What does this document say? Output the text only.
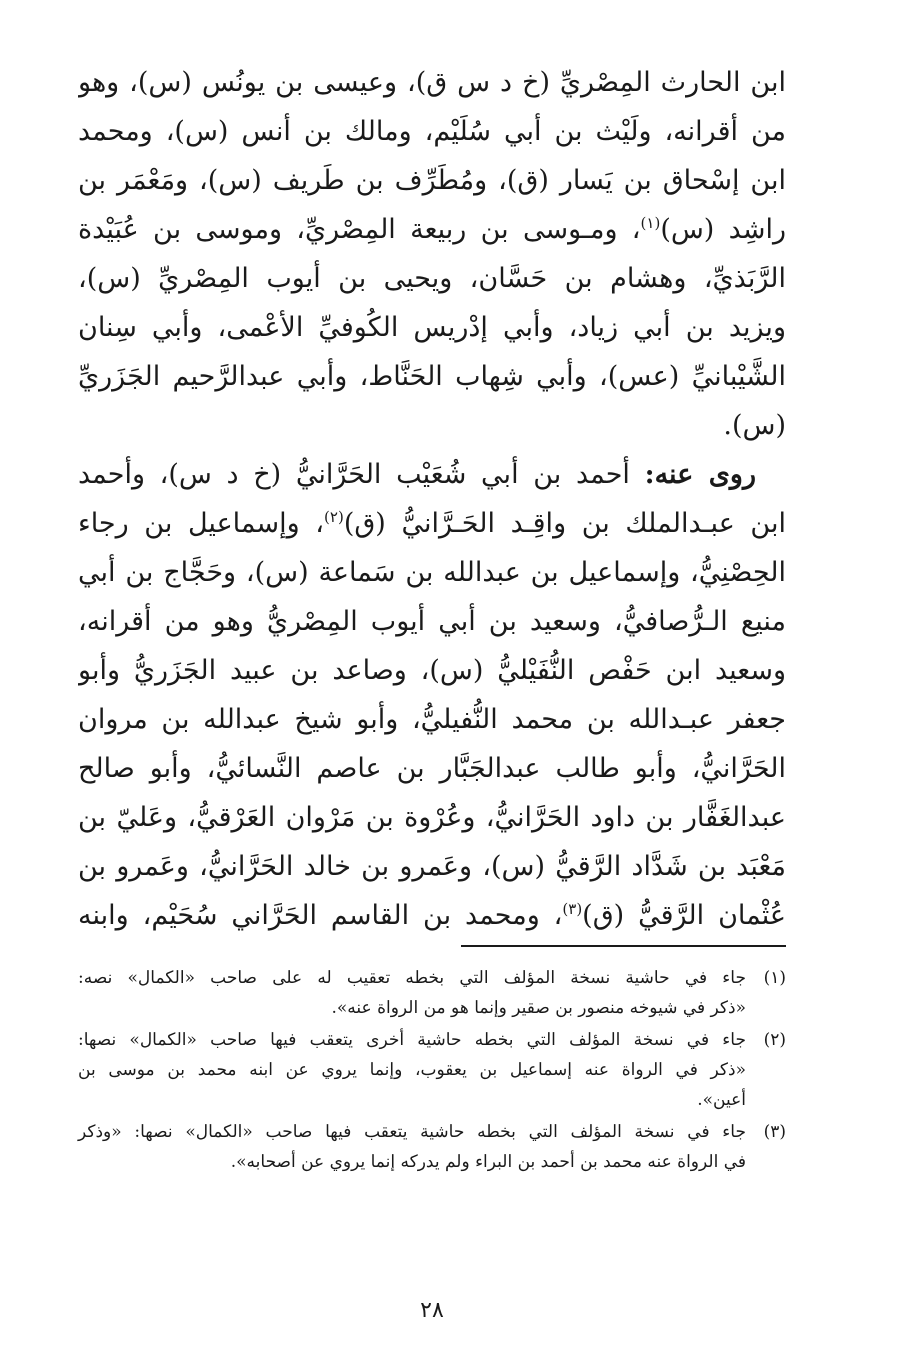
ابن الحارث المِصْريِّ (خ د س ق)، وعيسى بن يونُس (س)، وهو
من أقرانه، ولَيْث بن أبي سُلَيْم، ومالك بن أنس (س)، ومحمد
ابن إسْحاق بن يَسار (ق)، ومُطَرِّف بن طَريف (س)، ومَعْمَر بن
راشِد (س)$^{(١)}$، ومـوسى بن ربيعة المِصْريِّ، وموسى بن عُبَيْدة
الرَّبَذيِّ، وهشام بن حَسَّان، ويحيى بن أيوب المِصْريِّ (س)،
ويزيد بن أبي زياد، وأبي إدْريس الكُوفيِّ الأعْمى، وأبي سِنان
الشَّيْبانيِّ (عس)، وأبي شِهاب الحَنَّاط، وأبي عبدالرَّحيم الجَزَريِّ
(س).
روى عنه: أحمد بن أبي شُعَيْب الحَرَّانيُّ (خ د س)، وأحمد
ابن عبـدالملك بن واقِـد الحَـرَّانيُّ (ق)$^{(٢)}$، وإسماعيل بن رجاء
الحِصْنِيُّ، وإسماعيل بن عبدالله بن سَماعة (س)، وحَجَّاج بن أبي
منيع الـرُّصافيُّ، وسعيد بن أبي أيوب المِصْريُّ وهو من أقرانه،
وسعيد ابن حَفْص النُّفَيْليُّ (س)، وصاعد بن عبيد الجَزَريُّ وأبو
جعفر عبـدالله بن محمد النُّفيليُّ، وأبو شيخ عبدالله بن مروان
الحَرَّانيُّ، وأبو طالب عبدالجَبَّار بن عاصم النَّسائيُّ، وأبو صالح
عبدالغَفَّار بن داود الحَرَّانيُّ، وعُرْوة بن مَرْوان العَرْقيُّ، وعَليّ بن
مَعْبَد بن شَدَّاد الرَّقيُّ (س)، وعَمرو بن خالد الحَرَّانيُّ، وعَمرو بن
عُثْمان الرَّقيُّ (ق)$^{(٣)}$، ومحمد بن القاسم الحَرَّاني سُحَيْم، وابنه
(١)
جاء في حاشية نسخة المؤلف التي بخطه تعقيب له على صاحب «الكمال» نصه:
«ذكر في شيوخه منصور بن صقير وإنما هو من الرواة عنه».
(٢)
جاء في نسخة المؤلف التي بخطه حاشية أخرى يتعقب فيها صاحب «الكمال» نصها:
«ذكر في الرواة عنه إسماعيل بن يعقوب، وإنما يروي عن ابنه محمد بن موسى بن
أعين».
(٣)
جاء في نسخة المؤلف التي بخطه حاشية يتعقب فيها صاحب «الكمال» نصها: «وذكر
في الرواة عنه محمد بن أحمد بن البراء ولم يدركه إنما يروي عن أصحابه».
٢٨
